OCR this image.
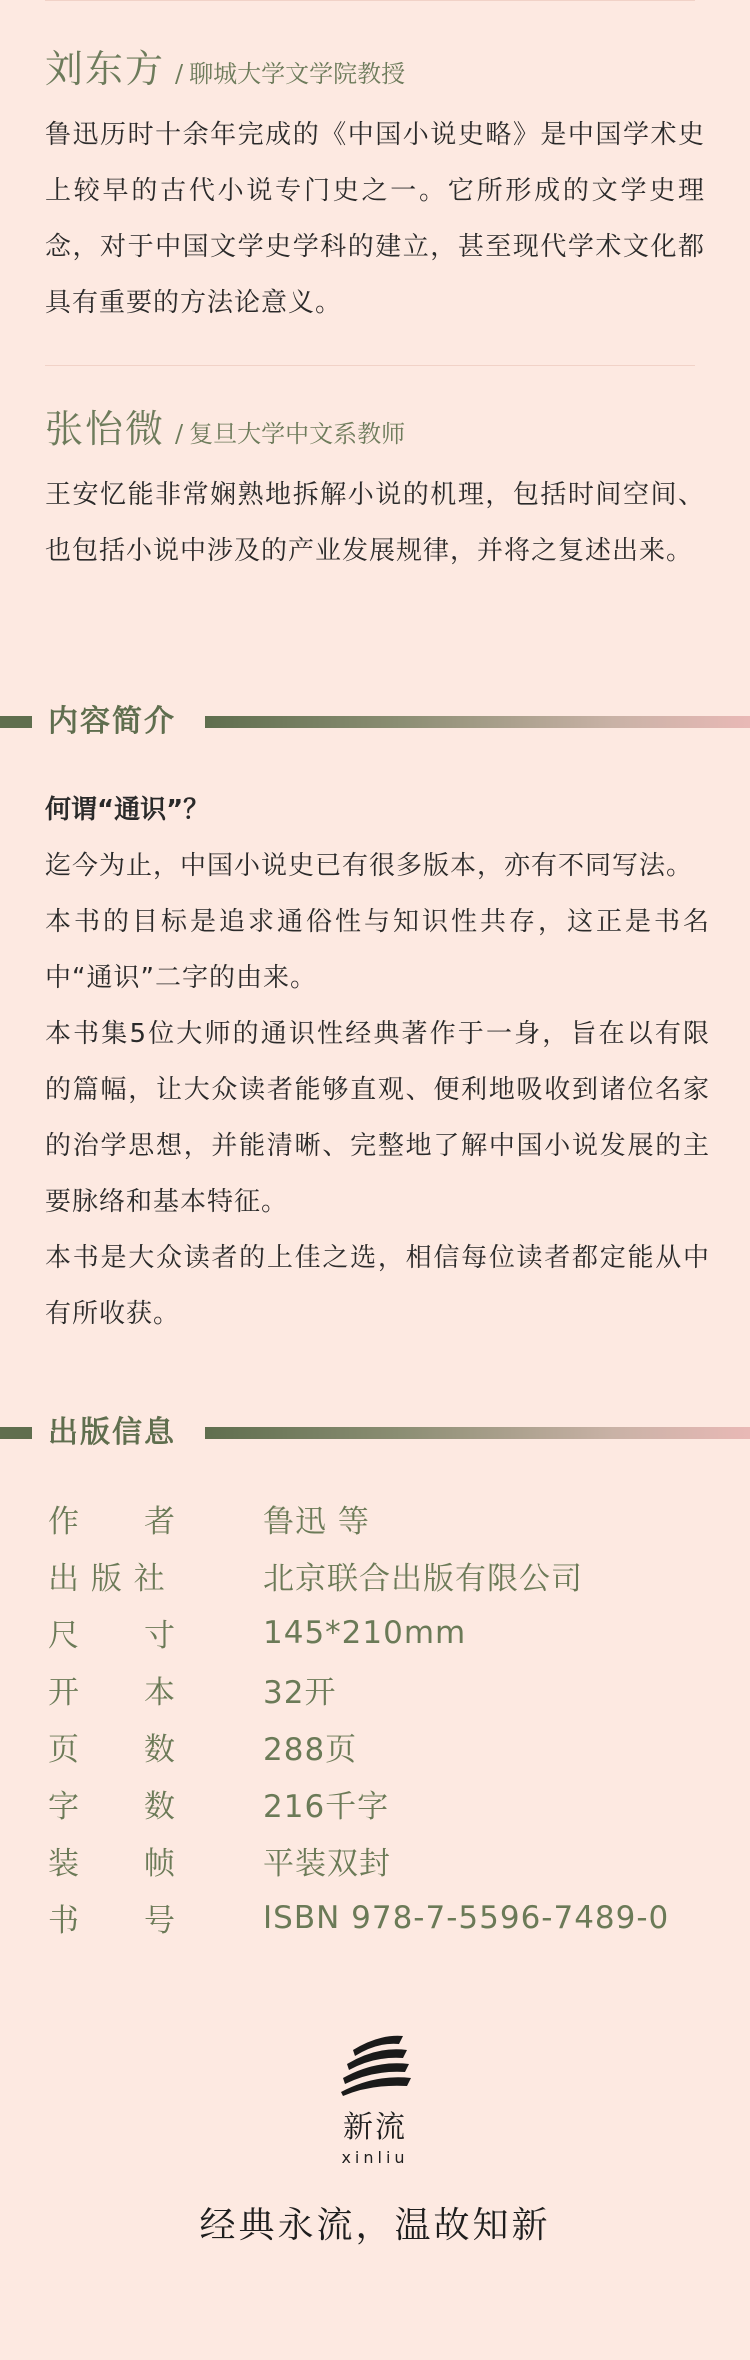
刘东方 / 聊城大学文学院教授
鲁迅历时十余年完成的《中国小说史略》是中国学术史上较早的古代小说专门史之一。它所形成的文学史理念，对于中国文学史学科的建立，甚至现代学术文化都具有重要的方法论意义。
张怡微 / 复旦大学中文系教师
王安忆能非常娴熟地拆解小说的机理，包括时间空间、也包括小说中涉及的产业发展规律，并将之复述出来。
内容简介
何谓“通识”？
迄今为止，中国小说史已有很多版本，亦有不同写法。
本书的目标是追求通俗性与知识性共存，这正是书名中“通识”二字的由来。
本书集5位大师的通识性经典著作于一身，旨在以有限的篇幅，让大众读者能够直观、便利地吸收到诸位名家的治学思想，并能清晰、完整地了解中国小说发展的主要脉络和基本特征。
本书是大众读者的上佳之选，相信每位读者都定能从中有所收获。
出版信息
作　　者	鲁迅 等
出 版 社	北京联合出版有限公司
尺　　寸	145*210mm
开　　本	32开
页　　数	288页
字　　数	216千字
装　　帧	平装双封
书　　号	ISBN 978-7-5596-7489-0
新流
xinliu
经典永流，温故知新
